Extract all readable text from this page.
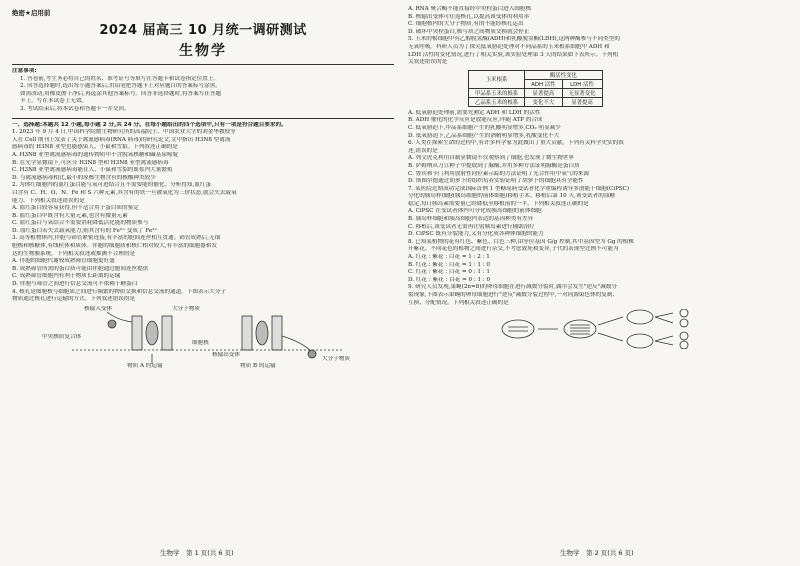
绝密★启用前
2024 届高三 10 月统一调研测试
生物学
注意事项:
1. 答卷前,考生务必将自己的姓名、准考证号等填写在答题卡和试卷指定位置上。
2. 回答选择题时,选出每小题答案后,用铅笔把答题卡上对应题目的答案标号涂黑。
如需改动,用橡皮擦干净后,再选涂其他答案标号。回答非选择题时,将答案写在答题
卡上。写在本试卷上无效。
3. 考试结束后,将本试卷和答题卡一并交回。
一、选择题:本题共 12 小题,每小题 2 分,共 24 分。在每小题给出的四个选项中,只有一项是符合题目要求的。
1. 2023 年 9 月 4 日,中国科学院微生物研究所的高福院士、中国农业大学的刘金华教授等
人在 Cell 期刊上发表了关于禽流感病毒(RNA 病毒)的研究论文,文中指出 H3N8 型禽流
感病毒的 H3N8 亚型也能感染人、小鼠和雪貂。下列叙述正确的是
A. H3N8 亚型禽流感病毒的遗传物质中不含脱氧核糖和碱基尿嘧啶
B. 在光学显微镜下,可区分 H3N8 型和 H3N8 亚型禽流感病毒
C. H3N8 亚型禽流感病毒能在人、小鼠和雪貂的血浆内大量繁殖
D. 与禽流感病毒相比,最小的原核生物含有的核酸种类较少
2. 为体红细胞内的血红蛋白能与氧可进结合且不需要能的催化。分析得知,血红蛋
白含有 C、H、O、N、Fe 和 S 六种元素,其含有的铁一旦被氧化为三价状态,就会失去载氧
能力。下列相关叙述错误的是
A. 血红蛋白较容易获得,但不适合用于蛋白质的鉴定
B. 血红蛋白中既含有大量元素,也含有微量元素
C. 血红蛋白与氧结合不需要消耗降低活化能的物质参与
D. 血红蛋白若失去载氧能力,则其含有的 Fe²⁺ 变成了 Fe³⁺
3. 高等植物体内,伴胞与筛管紧密连接,有丰富的胞间连丝相互贯通。筛管成熟后,无细
胞核和核糖体,有线粒体和质体。伴胞的细胞质和核仁相对较大,有丰富的细胞器和发
达的生物膜系统。下列相关叙述或推测不合理的是
A. 伴胞的细胞代谢较成熟筛管细胞更旺盛
B. 成熟筛管所需的蛋白质可能由伴胞通过胞间连丝提供
C. 成熟筛管细胞内有利于物质长距离的运输
D. 伴胞与筛管之间进行信息交流可不依赖于糖蛋白
4. 核孔是细胞核与细胞质之间进行频繁的物质交换和信息交流的通道。下图表示大分子
物质通过核孔进行运输的方式。下列叙述错误的是
核输入受体	大分子物质
中央核质复合体
细胞核
核输出受体
大分子物质
物质 A 的运输	物质 B 的运输
生物学　第 1 页(共 6 页)
A. RNA 聚合酶不能直接经中央栓蛋白进入细胞核
B. 核输出受体可往返核孔,以提高该受体的利用率
C. 细胞核内的大分子物质,有的不能经核孔运出
D. 破坏中央栓蛋白,核与质之间物质交换就会停止
5. 玉米的根细胞中有乙醇脱氢酶(ADH)和乳酸脱氢酶(LDH),这两种酶参与不同类型的
无氧呼吸。科研人员为了探究低氧胁迫处理对不同品系的玉米根系细胞中 ADH 和
LDH 活性的变化情况,进行了相关实验,该实验处理第 3 天的结果如下表所示。下列相
关叙述错误的是
玉米根系	酶活性变化	
	ADH 活性	LDH 活性
甲品系玉米的根系	显著提高	无显著变化
乙品系玉米的根系	变化不大	显著提高
A. 低氧胁迫处理前,需要先测定 ADH 和 LDH 的活性
B. ADH 催化的化学反应是放能反应,伴随 ATP 的合成
C. 低氧胁迫下,甲品系细胞产生的乳酸明显增多,CO₂ 明显减少
D. 低氧胁迫下,乙品系细胞产生的酒精明显增多,乳酸变化不大
6. 人类在探索生命的过程中,有许多科学家为此做出了重大贡献。下列有关科学史实的叙
述,错误的是
A. 列文虎克利用自制显微镜不仅观察到了细胞,也发现了微生物世界
B. 萨姆纳从刀豆种子中提取到了脲酶,并用多种方法证明脲酶是蛋白质
C. 鲁宾和卡门利用放射性同位素示踪的方法证明了光合作用中氧气的来源
D. 斯图尔德通过胡萝卜的组织培养实验证明了胡萝卜的细胞具有全能性
7. 某医院近期成功完成国际首例 1 型糖尿病受试者化学重编程诱导多潜能干细胞(CiPSC)
分化的胰岛样细胞(胰岛细胞的前体细胞)移植手术。移植后第 10 天,该受试者的血糖
稳定,每日胰岛素需要量已经降低至移植前的一半。下列相关叙述正确的是
A. CiPSC 在受试者体内可分化成胰岛细胞的前体细胞
B. 胰岛样细胞和胰岛细胞内表达的基因种类有差异
C. 移植后,该受试者无需再注射胰岛素进行辅助治疗
D. CiPSC 既有分裂能力,又有分化成各种体细胞的能力
8. 已知某植物的花有红色、紫色、白色三种,由等位基因 G/g 控制,其中基因型为 Gg 的植株
开紫花。不同花色的植物之间进行杂交,不考虑致死和变异,子代的表现型比例不可能为
A. 红花 : 紫花 : 白花 = 1 : 2 : 1
B. 红花 : 紫花 : 白花 = 1 : 1 : 0
C. 红花 : 紫花 : 白花 = 0 : 1 : 1
D. 红花 : 紫花 : 白花 = 0 : 1 : 0
9. 研究人员发现,果蝇(2n=8)的卵母细胞在进行减数分裂时,偶尔会发生"逆反"减数分
裂现象,下图表示果蝇的卵母细胞进行"逆反"减数分裂过程中,一对同源染色体的复制、
互换、分配情况。下列相关叙述正确的是
生物学　第 2 页(共 6 页)
